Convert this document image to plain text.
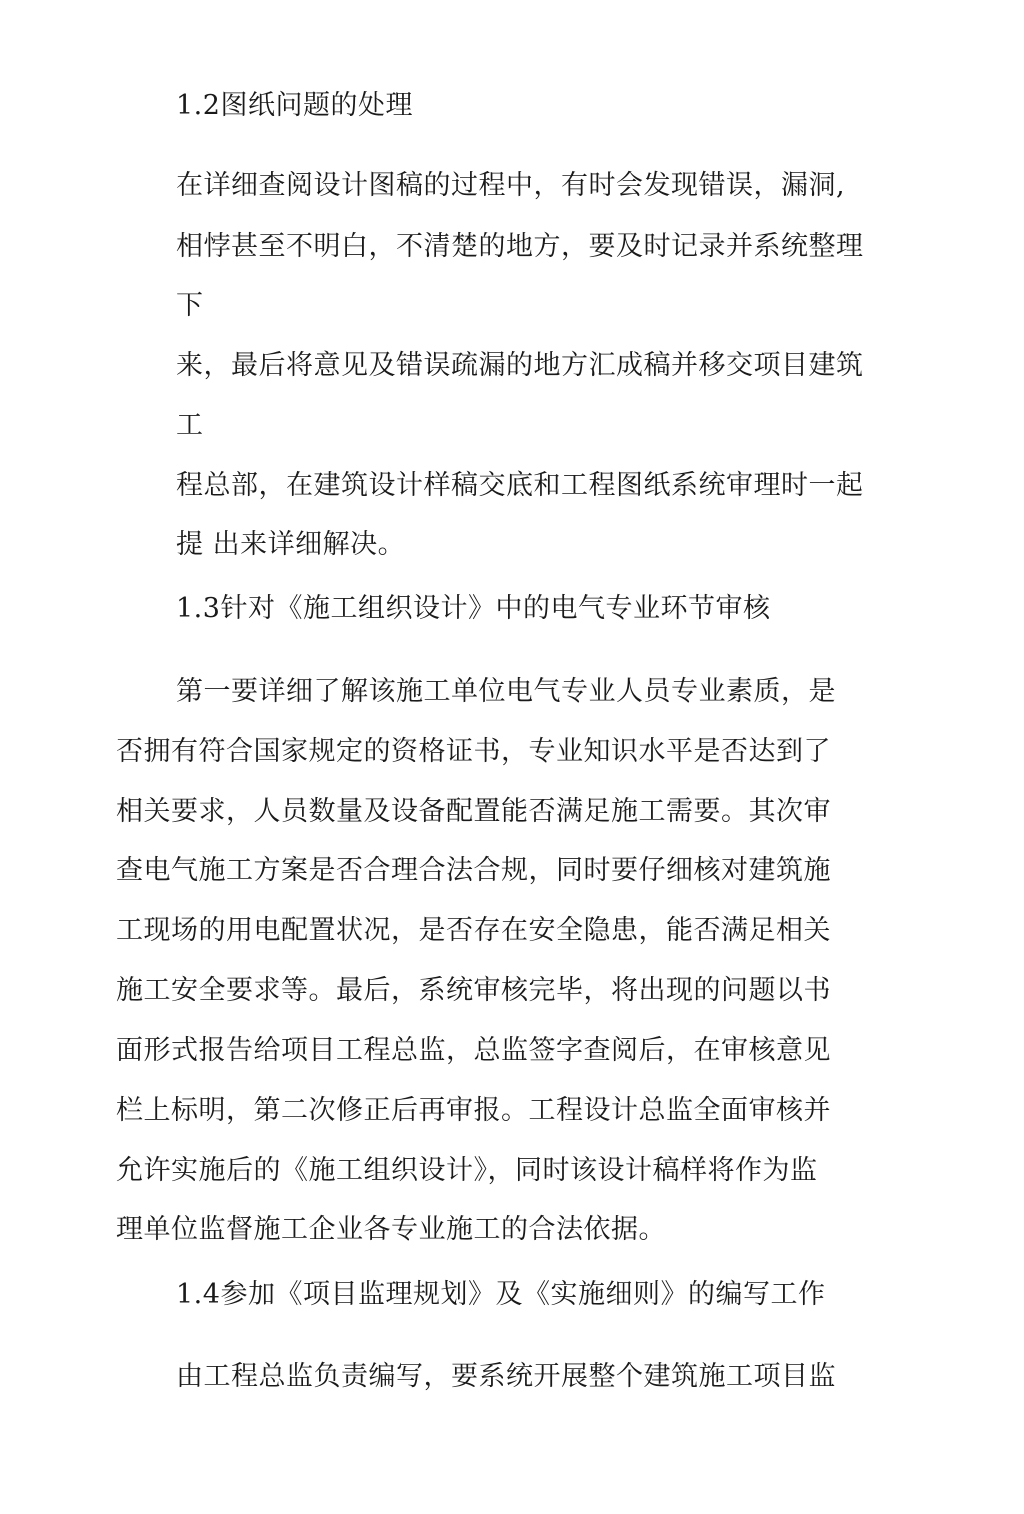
1.2图纸问题的处理

在详细查阅设计图稿的过程中，有时会发现错误，漏洞,

相悖甚至不明白，不清楚的地方，要及时记录并系统整理

下

来，最后将意见及错误疏漏的地方汇成稿并移交项目建筑

工

程总部，在建筑设计样稿交底和工程图纸系统审理时一起

提 出来详细解决。

1.3针对《施工组织设计》中的电气专业环节审核

第一要详细了解该施工单位电气专业人员专业素质，是

否拥有符合国家规定的资格证书，专业知识水平是否达到了

相关要求，人员数量及设备配置能否满足施工需要。其次审

查电气施工方案是否合理合法合规，同时要仔细核对建筑施

工现场的用电配置状况，是否存在安全隐患，能否满足相关

施工安全要求等。最后，系统审核完毕，将出现的问题以书

面形式报告给项目工程总监，总监签字查阅后，在审核意见

栏上标明，第二次修正后再审报。工程设计总监全面审核并

允许实施后的《施工组织设计》，同时该设计稿样将作为监

理单位监督施工企业各专业施工的合法依据。

1.4参加《项目监理规划》及《实施细则》的编写工作

由工程总监负责编写，要系统开展整个建筑施工项目监
